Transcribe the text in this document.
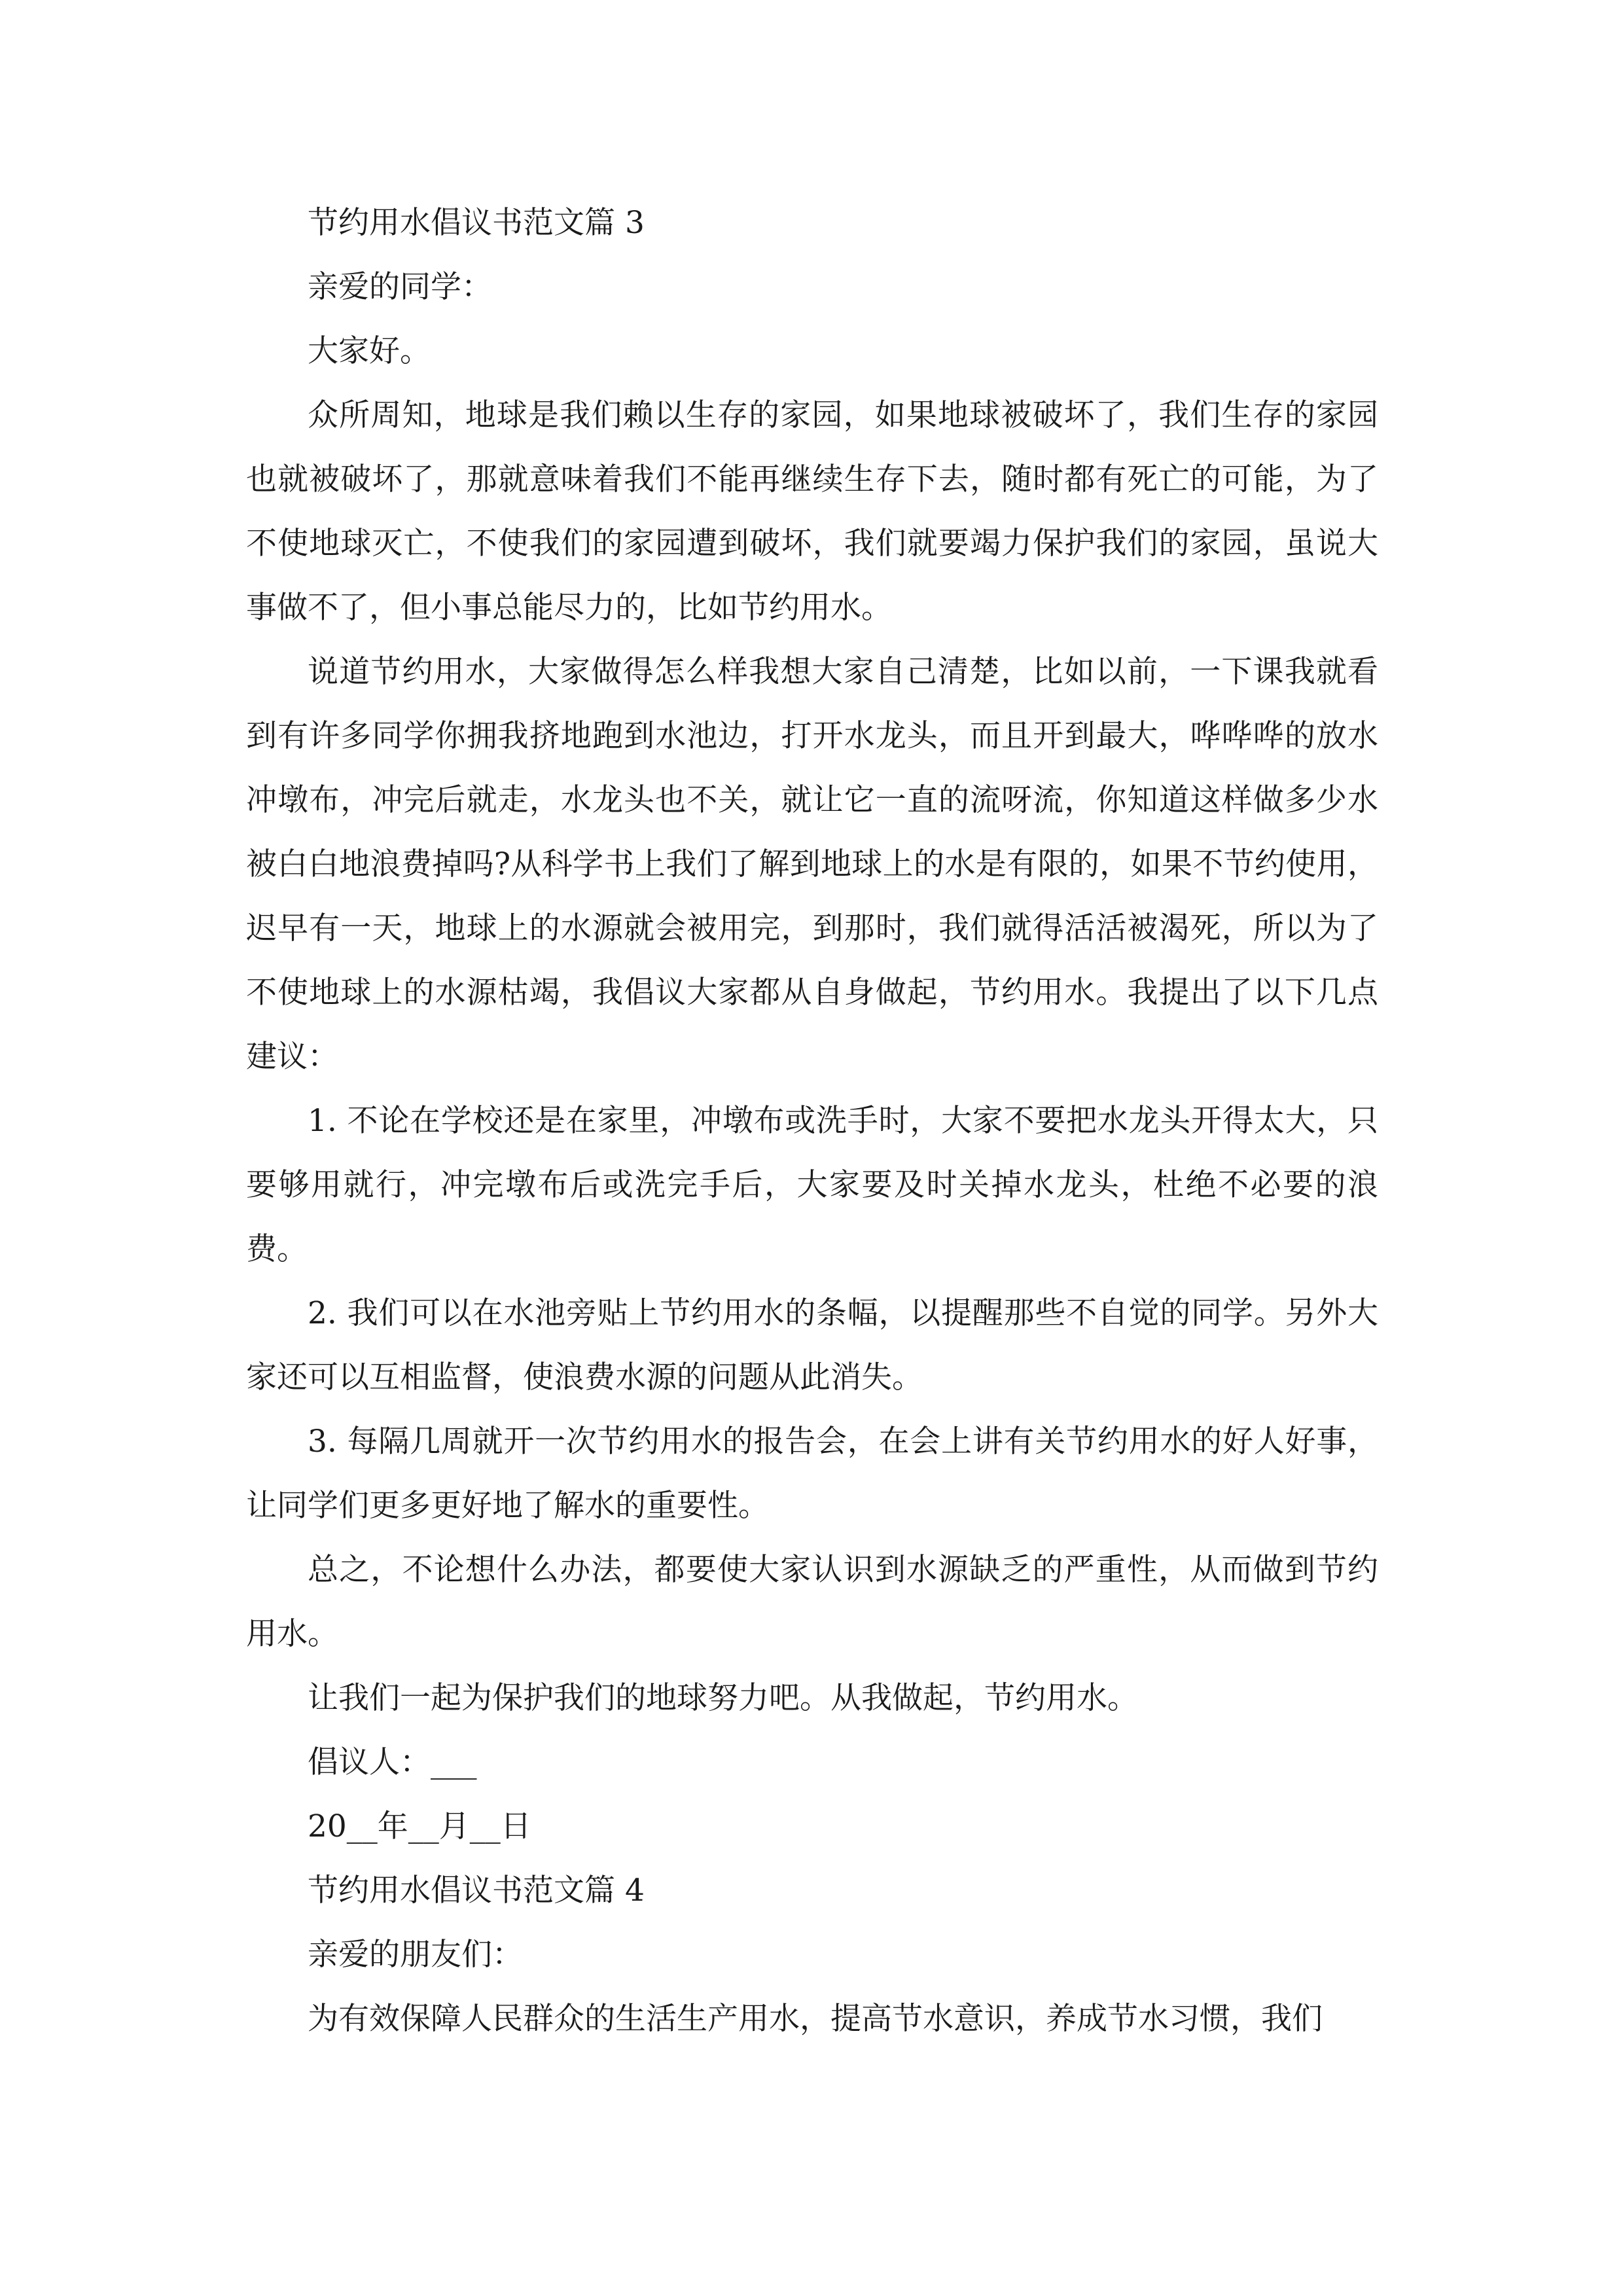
节约用水倡议书范文篇 3

亲爱的同学：

大家好。

众所周知，地球是我们赖以生存的家园，如果地球被破坏了，我们生存的家园也就被破坏了，那就意味着我们不能再继续生存下去，随时都有死亡的可能，为了不使地球灭亡，不使我们的家园遭到破坏，我们就要竭力保护我们的家园，虽说大事做不了，但小事总能尽力的，比如节约用水。

说道节约用水，大家做得怎么样我想大家自己清楚，比如以前，一下课我就看到有许多同学你拥我挤地跑到水池边，打开水龙头，而且开到最大，哗哗哗的放水冲墩布，冲完后就走，水龙头也不关，就让它一直的流呀流，你知道这样做多少水被白白地浪费掉吗?从科学书上我们了解到地球上的水是有限的，如果不节约使用，迟早有一天，地球上的水源就会被用完，到那时，我们就得活活被渴死，所以为了不使地球上的水源枯竭，我倡议大家都从自身做起，节约用水。我提出了以下几点建议：

1. 不论在学校还是在家里，冲墩布或洗手时，大家不要把水龙头开得太大，只要够用就行，冲完墩布后或洗完手后，大家要及时关掉水龙头，杜绝不必要的浪费。

2. 我们可以在水池旁贴上节约用水的条幅，以提醒那些不自觉的同学。另外大家还可以互相监督，使浪费水源的问题从此消失。

3. 每隔几周就开一次节约用水的报告会，在会上讲有关节约用水的好人好事，让同学们更多更好地了解水的重要性。

总之，不论想什么办法，都要使大家认识到水源缺乏的严重性，从而做到节约用水。

让我们一起为保护我们的地球努力吧。从我做起，节约用水。

倡议人：___

20__年__月__日

节约用水倡议书范文篇 4

亲爱的朋友们：

为有效保障人民群众的生活生产用水，提高节水意识，养成节水习惯，我们
